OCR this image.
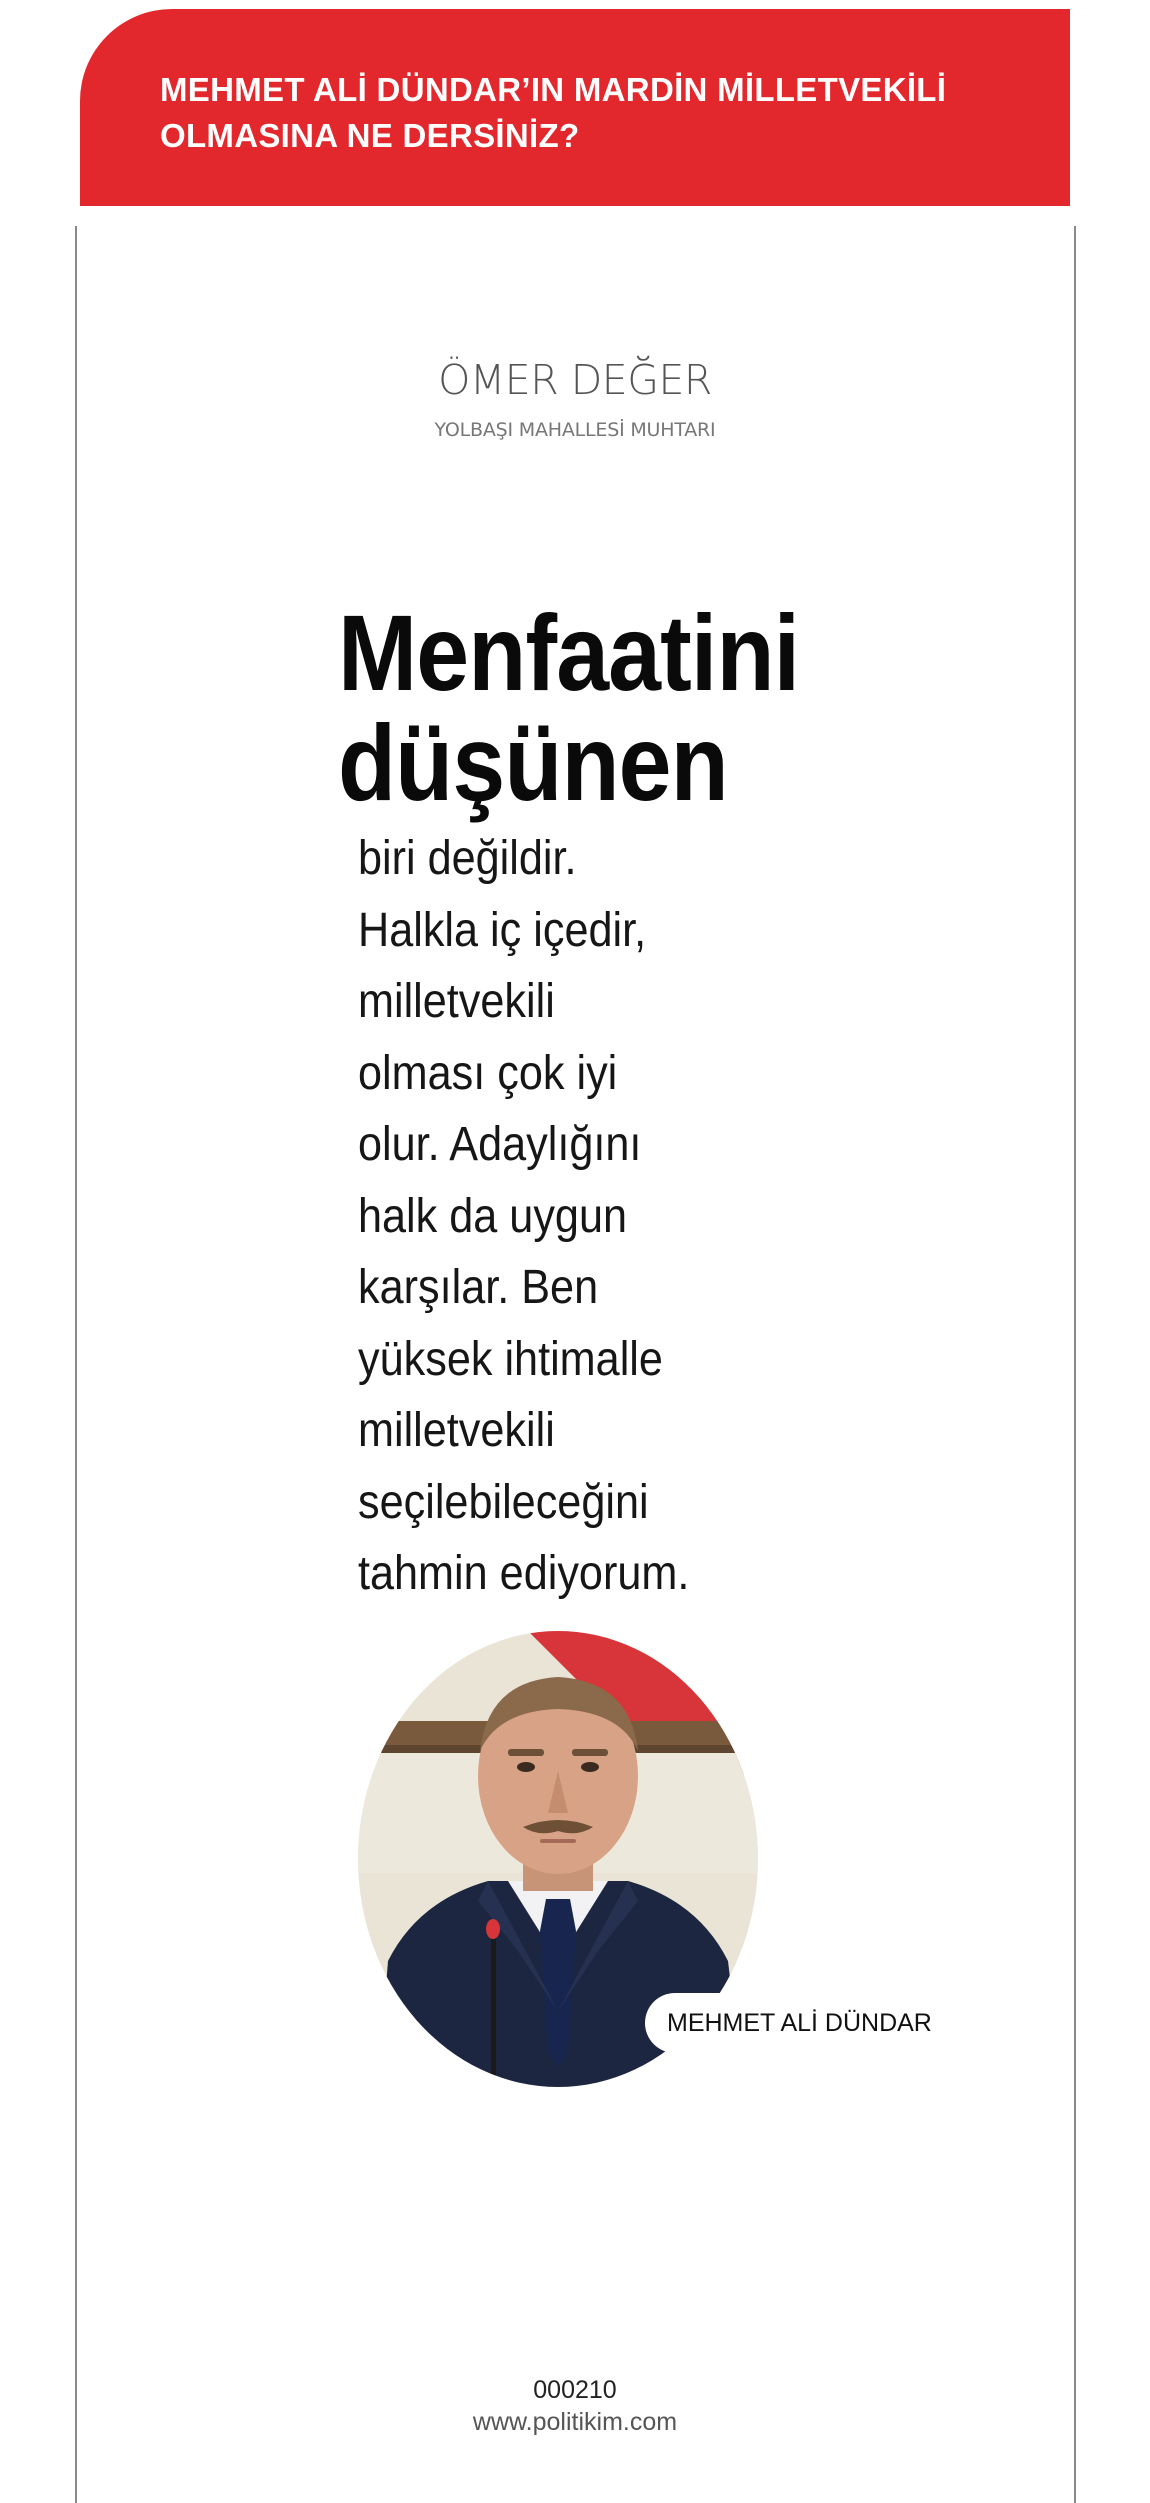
MEHMET ALİ DÜNDAR’IN MARDİN MİLLETVEKİLİ
OLMASINA NE DERSİNİZ?
ÖMER DEĞER
YOLBAŞI MAHALLESİ MUHTARI
Menfaatini
düşünen
biri değildir.
Halkla iç içedir,
milletvekili
olması çok iyi
olur. Adaylığını
halk da uygun
karşılar. Ben
yüksek ihtimalle
milletvekili
seçilebileceğini
tahmin ediyorum.
MEHMET ALİ DÜNDAR
000210
www.politikim.com
